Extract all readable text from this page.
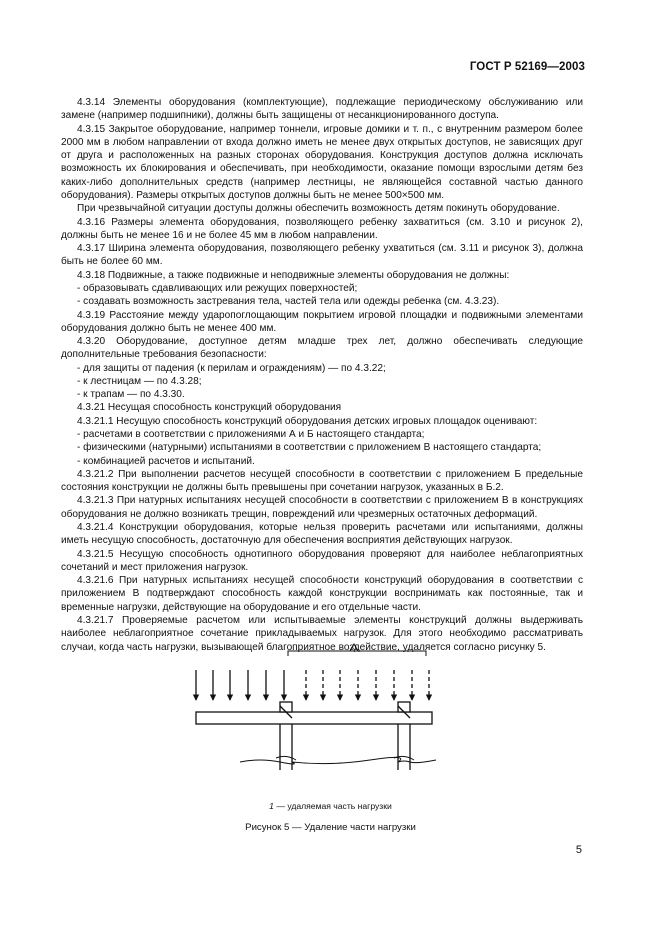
ГОСТ Р 52169—2003

4.3.14 Элементы оборудования (комплектующие), подлежащие периодическому обслуживанию или замене (например подшипники), должны быть защищены от несанкционированного доступа.

4.3.15 Закрытое оборудование, например тоннели, игровые домики и т. п., с внутренним размером более 2000 мм в любом направлении от входа должно иметь не менее двух открытых доступов, не зависящих друг от друга и расположенных на разных сторонах оборудования. Конструкция доступов должна исключать возможность их блокирования и обеспечивать, при необходимости, оказание помощи взрослыми детям без каких-либо дополнительных средств (например лестницы, не являющейся составной частью данного оборудования). Размеры открытых доступов должны быть не менее 500×500 мм.

При чрезвычайной ситуации доступы должны обеспечить возможность детям покинуть оборудование.

4.3.16 Размеры элемента оборудования, позволяющего ребенку захватиться (см. 3.10 и рисунок 2), должны быть не менее 16 и не более 45 мм в любом направлении.

4.3.17 Ширина элемента оборудования, позволяющего ребенку ухватиться (см. 3.11 и рисунок 3), должна быть не более 60 мм.

4.3.18 Подвижные, а также подвижные и неподвижные элементы оборудования не должны:

- образовывать сдавливающих или режущих поверхностей;

- создавать возможность застревания тела, частей тела или одежды ребенка (см. 4.3.23).

4.3.19 Расстояние между ударопоглощающим покрытием игровой площадки и подвижными элементами оборудования должно быть не менее 400 мм.

4.3.20 Оборудование, доступное детям младше трех лет, должно обеспечивать следующие дополнительные требования безопасности:

- для защиты от падения (к перилам и ограждениям) — по 4.3.22;

- к лестницам — по 4.3.28;

- к трапам — по 4.3.30.

4.3.21 Несущая способность конструкций оборудования

4.3.21.1 Несущую способность конструкций оборудования детских игровых площадок оценивают:

- расчетами в соответствии с приложениями А и Б настоящего стандарта;

- физическими (натурными) испытаниями в соответствии с приложением В настоящего стандарта;

- комбинацией расчетов и испытаний.

4.3.21.2 При выполнении расчетов несущей способности в соответствии с приложением Б предельные состояния конструкции не должны быть превышены при сочетании нагрузок, указанных в Б.2.

4.3.21.3 При натурных испытаниях несущей способности в соответствии с приложением В в конструкциях оборудования не должно возникать трещин, повреждений или чрезмерных остаточных деформаций.

4.3.21.4 Конструкции оборудования, которые нельзя проверить расчетами или испытаниями, должны иметь несущую способность, достаточную для обеспечения восприятия действующих нагрузок.

4.3.21.5 Несущую способность однотипного оборудования проверяют для наиболее неблагоприятных сочетаний и мест приложения нагрузок.

4.3.21.6 При натурных испытаниях несущей способности конструкций оборудования в соответствии с приложением В подтверждают способность каждой конструкции воспринимать как постоянные, так и временные нагрузки, действующие на оборудование и его отдельные части.

4.3.21.7 Проверяемые расчетом или испытываемые элементы конструкций должны выдерживать наиболее неблагоприятное сочетание прикладываемых нагрузок. Для этого необходимо рассматривать случаи, когда часть нагрузки, вызывающей благоприятное воздействие, удаляется согласно рисунку 5.

1 — удаляемая часть нагрузки
Рисунок 5 — Удаление части нагрузки
5
